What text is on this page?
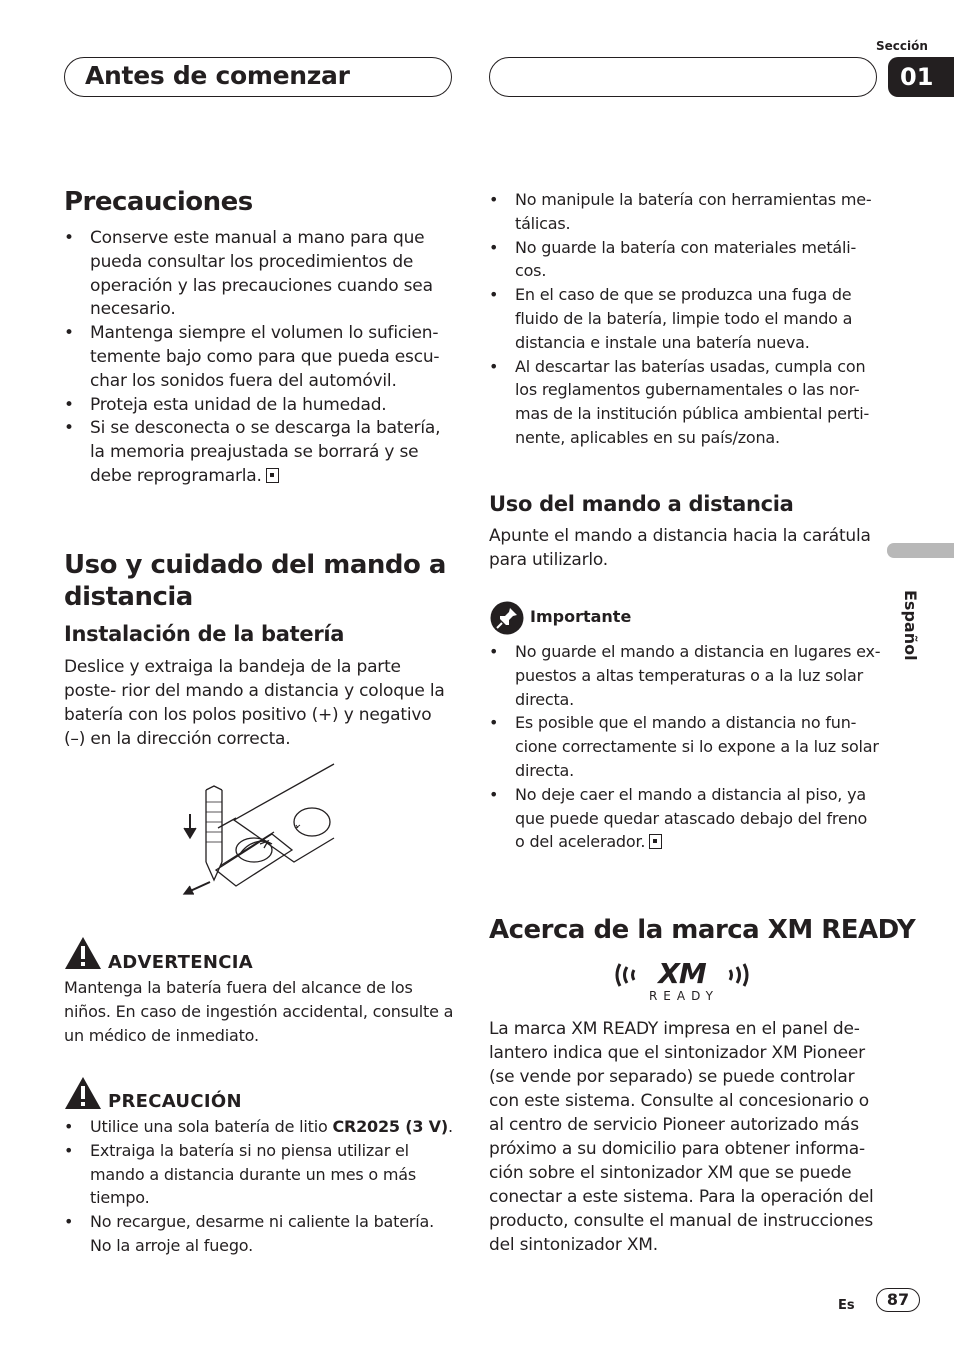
Antes de comenzar
Sección
01
Español
Precauciones
• Conserve este manual a mano para que pueda consultar los procedimientos de operación y las precauciones cuando sea necesario.
• Mantenga siempre el volumen lo suficien- temente bajo como para que pueda escu- char los sonidos fuera del automóvil.
• Proteja esta unidad de la humedad.
• Si se desconecta o se descarga la batería, la memoria preajustada se borrará y se debe reprogramarla.
Uso y cuidado del mando a distancia
Instalación de la batería

Deslice y extraiga la bandeja de la parte poste- rior del mando a distancia y coloque la batería con los polos positivo (+) y negativo (–) en la dirección correcta.

ADVERTENCIA

Mantenga la batería fuera del alcance de los niños. En caso de ingestión accidental, consulte a un médico de inmediato.

PRECAUCIÓN
• Utilice una sola batería de litio CR2025 (3 V).
• Extraiga la batería si no piensa utilizar el mando a distancia durante un mes o más tiempo.
• No recargue, desarme ni caliente la batería. No la arroje al fuego.
• No manipule la batería con herramientas me- tálicas.
• No guarde la batería con materiales metáli- cos.
• En el caso de que se produzca una fuga de fluido de la batería, limpie todo el mando a distancia e instale una batería nueva.
• Al descartar las baterías usadas, cumpla con los reglamentos gubernamentales o las nor- mas de la institución pública ambiental perti- nente, aplicables en su país/zona.
Uso del mando a distancia

Apunte el mando a distancia hacia la carátula para utilizarlo.

Importante
• No guarde el mando a distancia en lugares ex- puestos a altas temperaturas o a la luz solar directa.
• Es posible que el mando a distancia no fun- cione correctamente si lo expone a la luz solar directa.
• No deje caer el mando a distancia al piso, ya que puede quedar atascado debajo del freno o del acelerador.
Acerca de la marca XM READY
XM
READY

La marca XM READY impresa en el panel de- lantero indica que el sintonizador XM Pioneer (se vende por separado) se puede controlar con este sistema. Consulte al concesionario o al centro de servicio Pioneer autorizado más próximo a su domicilio para obtener informa- ción sobre el sintonizador XM que se puede conectar a este sistema. Para la operación del producto, consulte el manual de instrucciones del sintonizador XM.

Es	87
